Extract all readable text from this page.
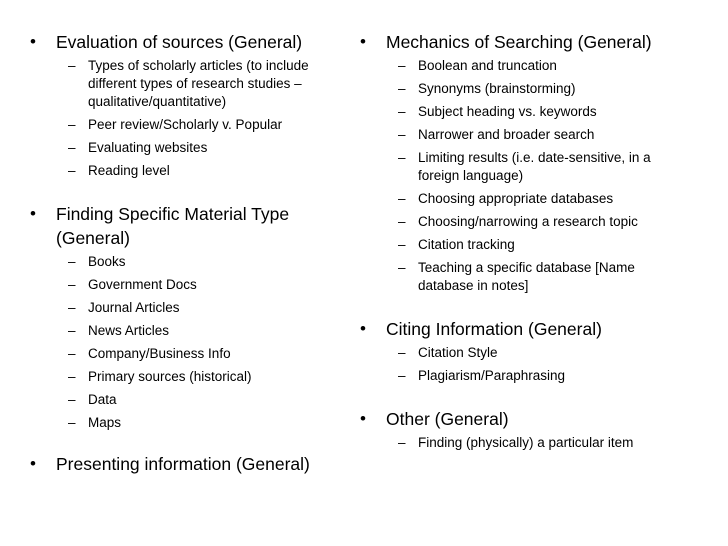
• Evaluation of sources (General)
– Types of scholarly articles (to include different types of research studies – qualitative/quantitative)
– Peer review/Scholarly v. Popular
– Evaluating websites
– Reading level
• Finding Specific Material Type (General)
– Books
– Government Docs
– Journal Articles
– News Articles
– Company/Business Info
– Primary sources (historical)
– Data
– Maps
• Presenting information (General)
• Mechanics of Searching (General)
– Boolean and truncation
– Synonyms (brainstorming)
– Subject heading vs. keywords
– Narrower and broader search
– Limiting results (i.e. date-sensitive, in a foreign language)
– Choosing appropriate databases
– Choosing/narrowing a research topic
– Citation tracking
– Teaching a specific database [Name database in notes]
• Citing Information (General)
– Citation Style
– Plagiarism/Paraphrasing
• Other (General)
– Finding (physically) a particular item
